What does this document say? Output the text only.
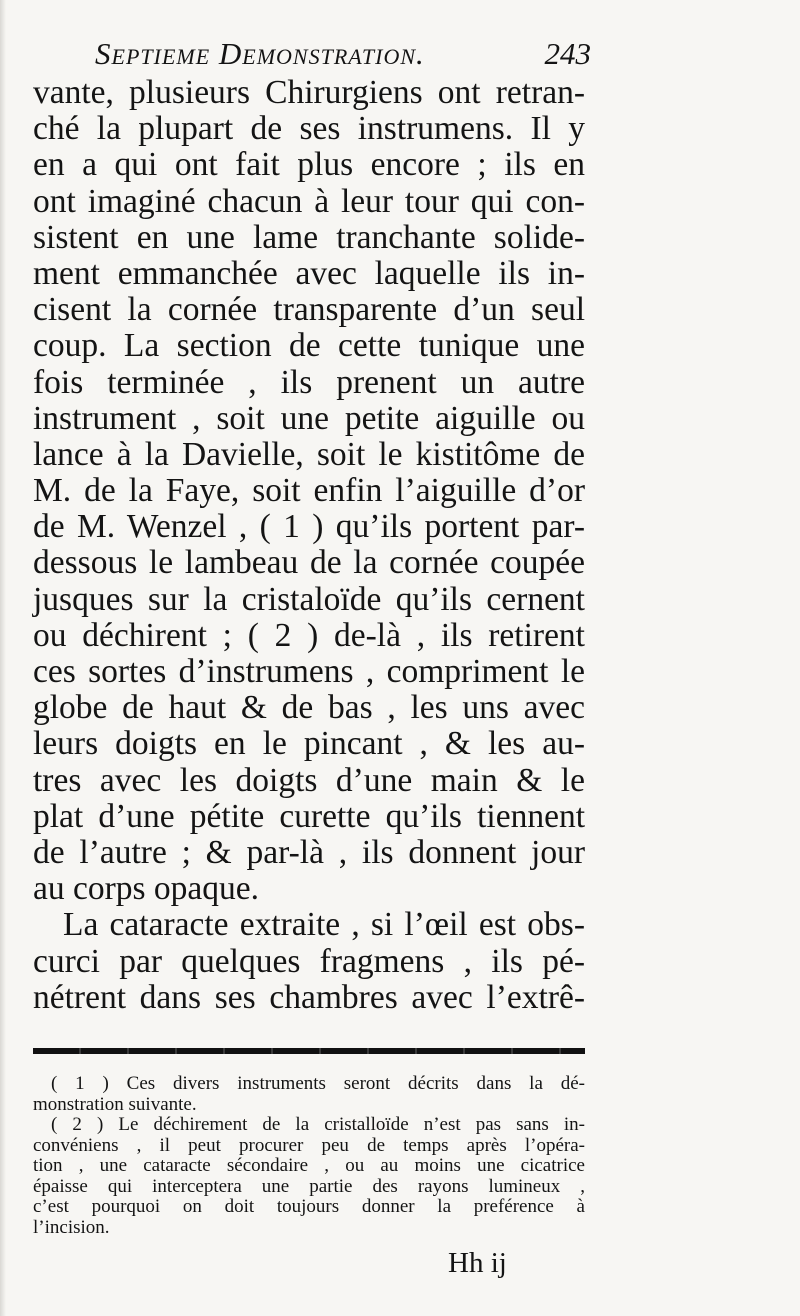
Septieme Demonstration.	243
vante, plusieurs Chirurgiens ont retran-
ché la plupart de ses instrumens. Il y
en a qui ont fait plus encore ; ils en
ont imaginé chacun à leur tour qui con-
sistent en une lame tranchante solide-
ment emmanchée avec laquelle ils in-
cisent la cornée transparente d’un seul
coup. La section de cette tunique une
fois terminée , ils prenent un autre
instrument , soit une petite aiguille ou
lance à la Davielle, soit le kistitôme de
M. de la Faye, soit enfin l’aiguille d’or
de M. Wenzel , ( 1 ) qu’ils portent par-
dessous le lambeau de la cornée coupée
jusques sur la cristaloïde qu’ils cernent
ou déchirent ; ( 2 ) de-là , ils retirent
ces sortes d’instrumens , compriment le
globe de haut & de bas , les uns avec
leurs doigts en le pincant , & les au-
tres avec les doigts d’une main & le
plat d’une pétite curette qu’ils tiennent
de l’autre ; & par-là , ils donnent jour
au corps opaque.
La cataracte extraite , si l’œil est obs-
curci par quelques fragmens , ils pé-
nétrent dans ses chambres avec l’extrê-
( 1 ) Ces divers instruments seront décrits dans la dé-
monstration suivante.
( 2 ) Le déchirement de la cristalloïde n’est pas sans in-
convéniens , il peut procurer peu de temps après l’opéra-
tion , une cataracte sécondaire , ou au moins une cicatrice
épaisse qui interceptera une partie des rayons lumineux ,
c’est pourquoi on doit toujours donner la preférence à
l’incision.
Hh ij
